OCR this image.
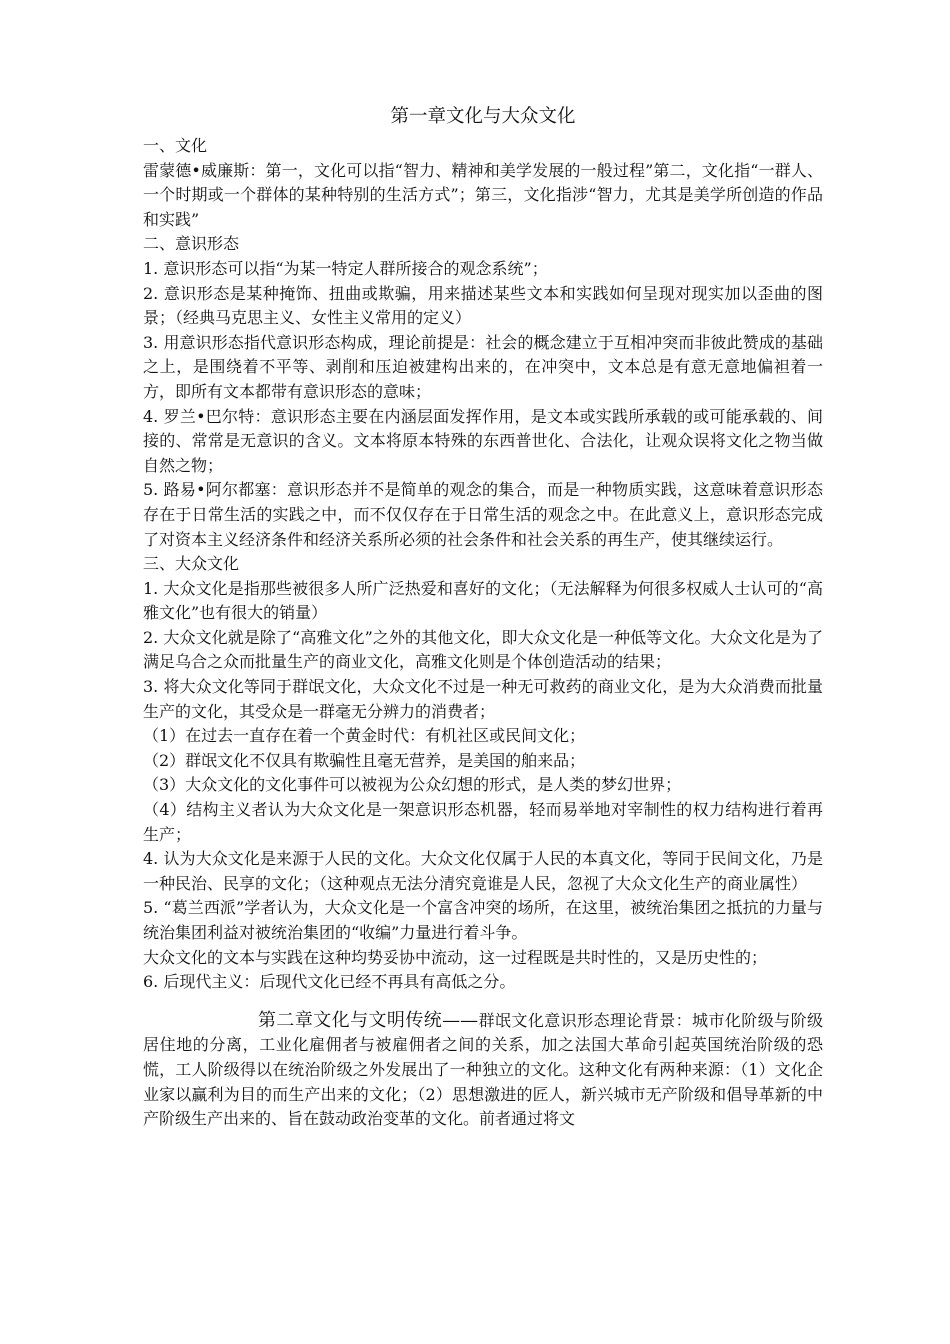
第一章文化与大众文化

一、文化

雷蒙德•威廉斯：第一，文化可以指“智力、精神和美学发展的一般过程”第二，文化指“一群人、一个时期或一个群体的某种特别的生活方式”；第三，文化指涉“智力，尤其是美学所创造的作品和实践”

二、意识形态

1. 意识形态可以指“为某一特定人群所接合的观念系统”；

2. 意识形态是某种掩饰、扭曲或欺骗，用来描述某些文本和实践如何呈现对现实加以歪曲的图景；（经典马克思主义、女性主义常用的定义）

3. 用意识形态指代意识形态构成，理论前提是：社会的概念建立于互相冲突而非彼此赞成的基础之上，是围绕着不平等、剥削和压迫被建构出来的，在冲突中，文本总是有意无意地偏袒着一方，即所有文本都带有意识形态的意味；

4. 罗兰•巴尔特：意识形态主要在内涵层面发挥作用，是文本或实践所承载的或可能承载的、间接的、常常是无意识的含义。文本将原本特殊的东西普世化、合法化，让观众误将文化之物当做自然之物；

5. 路易•阿尔都塞：意识形态并不是简单的观念的集合，而是一种物质实践，这意味着意识形态存在于日常生活的实践之中，而不仅仅存在于日常生活的观念之中。在此意义上，意识形态完成了对资本主义经济条件和经济关系所必须的社会条件和社会关系的再生产，使其继续运行。

三、大众文化

1. 大众文化是指那些被很多人所广泛热爱和喜好的文化；（无法解释为何很多权威人士认可的“高雅文化”也有很大的销量）

2. 大众文化就是除了“高雅文化”之外的其他文化，即大众文化是一种低等文化。大众文化是为了满足乌合之众而批量生产的商业文化，高雅文化则是个体创造活动的结果；

3. 将大众文化等同于群氓文化，大众文化不过是一种无可救药的商业文化，是为大众消费而批量生产的文化，其受众是一群毫无分辨力的消费者；

（1）在过去一直存在着一个黄金时代：有机社区或民间文化；

（2）群氓文化不仅具有欺骗性且毫无营养，是美国的舶来品；

（3）大众文化的文化事件可以被视为公众幻想的形式，是人类的梦幻世界；

（4）结构主义者认为大众文化是一架意识形态机器，轻而易举地对宰制性的权力结构进行着再生产；

4. 认为大众文化是来源于人民的文化。大众文化仅属于人民的本真文化，等同于民间文化，乃是一种民治、民享的文化；（这种观点无法分清究竟谁是人民，忽视了大众文化生产的商业属性）

5. “葛兰西派”学者认为，大众文化是一个富含冲突的场所，在这里，被统治集团之抵抗的力量与统治集团利益对被统治集团的“收编”力量进行着斗争。

大众文化的文本与实践在这种均势妥协中流动，这一过程既是共时性的，又是历史性的；

6. 后现代主义：后现代文化已经不再具有高低之分。

第二章文化与文明传统——群氓文化意识形态理论背景：城市化阶级与阶级居住地的分离，工业化雇佣者与被雇佣者之间的关系，加之法国大革命引起英国统治阶级的恐慌，工人阶级得以在统治阶级之外发展出了一种独立的文化。这种文化有两种来源：（1）文化企业家以赢利为目的而生产出来的文化；（2）思想激进的匠人，新兴城市无产阶级和倡导革新的中产阶级生产出来的、旨在鼓动政治变革的文化。前者通过将文
